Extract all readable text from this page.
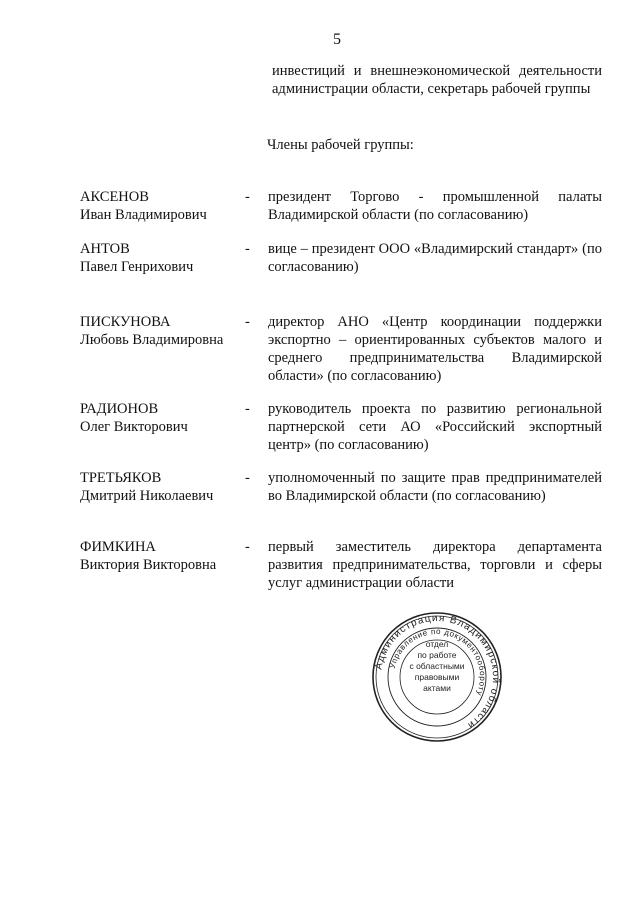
5
инвестиций и внешнеэкономической деятельности администрации области, секретарь рабочей группы
Члены рабочей группы:
АКСЕНОВ
Иван Владимирович
- президент Торгово - промышленной палаты Владимирской области (по согласованию)
АНТОВ
Павел Генрихович
- вице – президент ООО «Владимирский стандарт» (по согласованию)
ПИСКУНОВА
Любовь Владимировна
- директор АНО «Центр координации поддержки экспортно – ориентированных субъектов малого и среднего предпринимательства Владимирской области» (по согласованию)
РАДИОНОВ
Олег Викторович
- руководитель проекта по развитию региональной партнерской сети АО «Российский экспортный центр» (по согласованию)
ТРЕТЬЯКОВ
Дмитрий Николаевич
- уполномоченный по защите прав предпринимателей во Владимирской области (по согласованию)
ФИМКИНА
Виктория Викторовна
- первый заместитель директора департамента развития предпринимательства, торговли и сферы услуг администрации области
Администрация Владимирской области
Управление по документообороту
отдел
по работе
с областными
правовыми
актами
